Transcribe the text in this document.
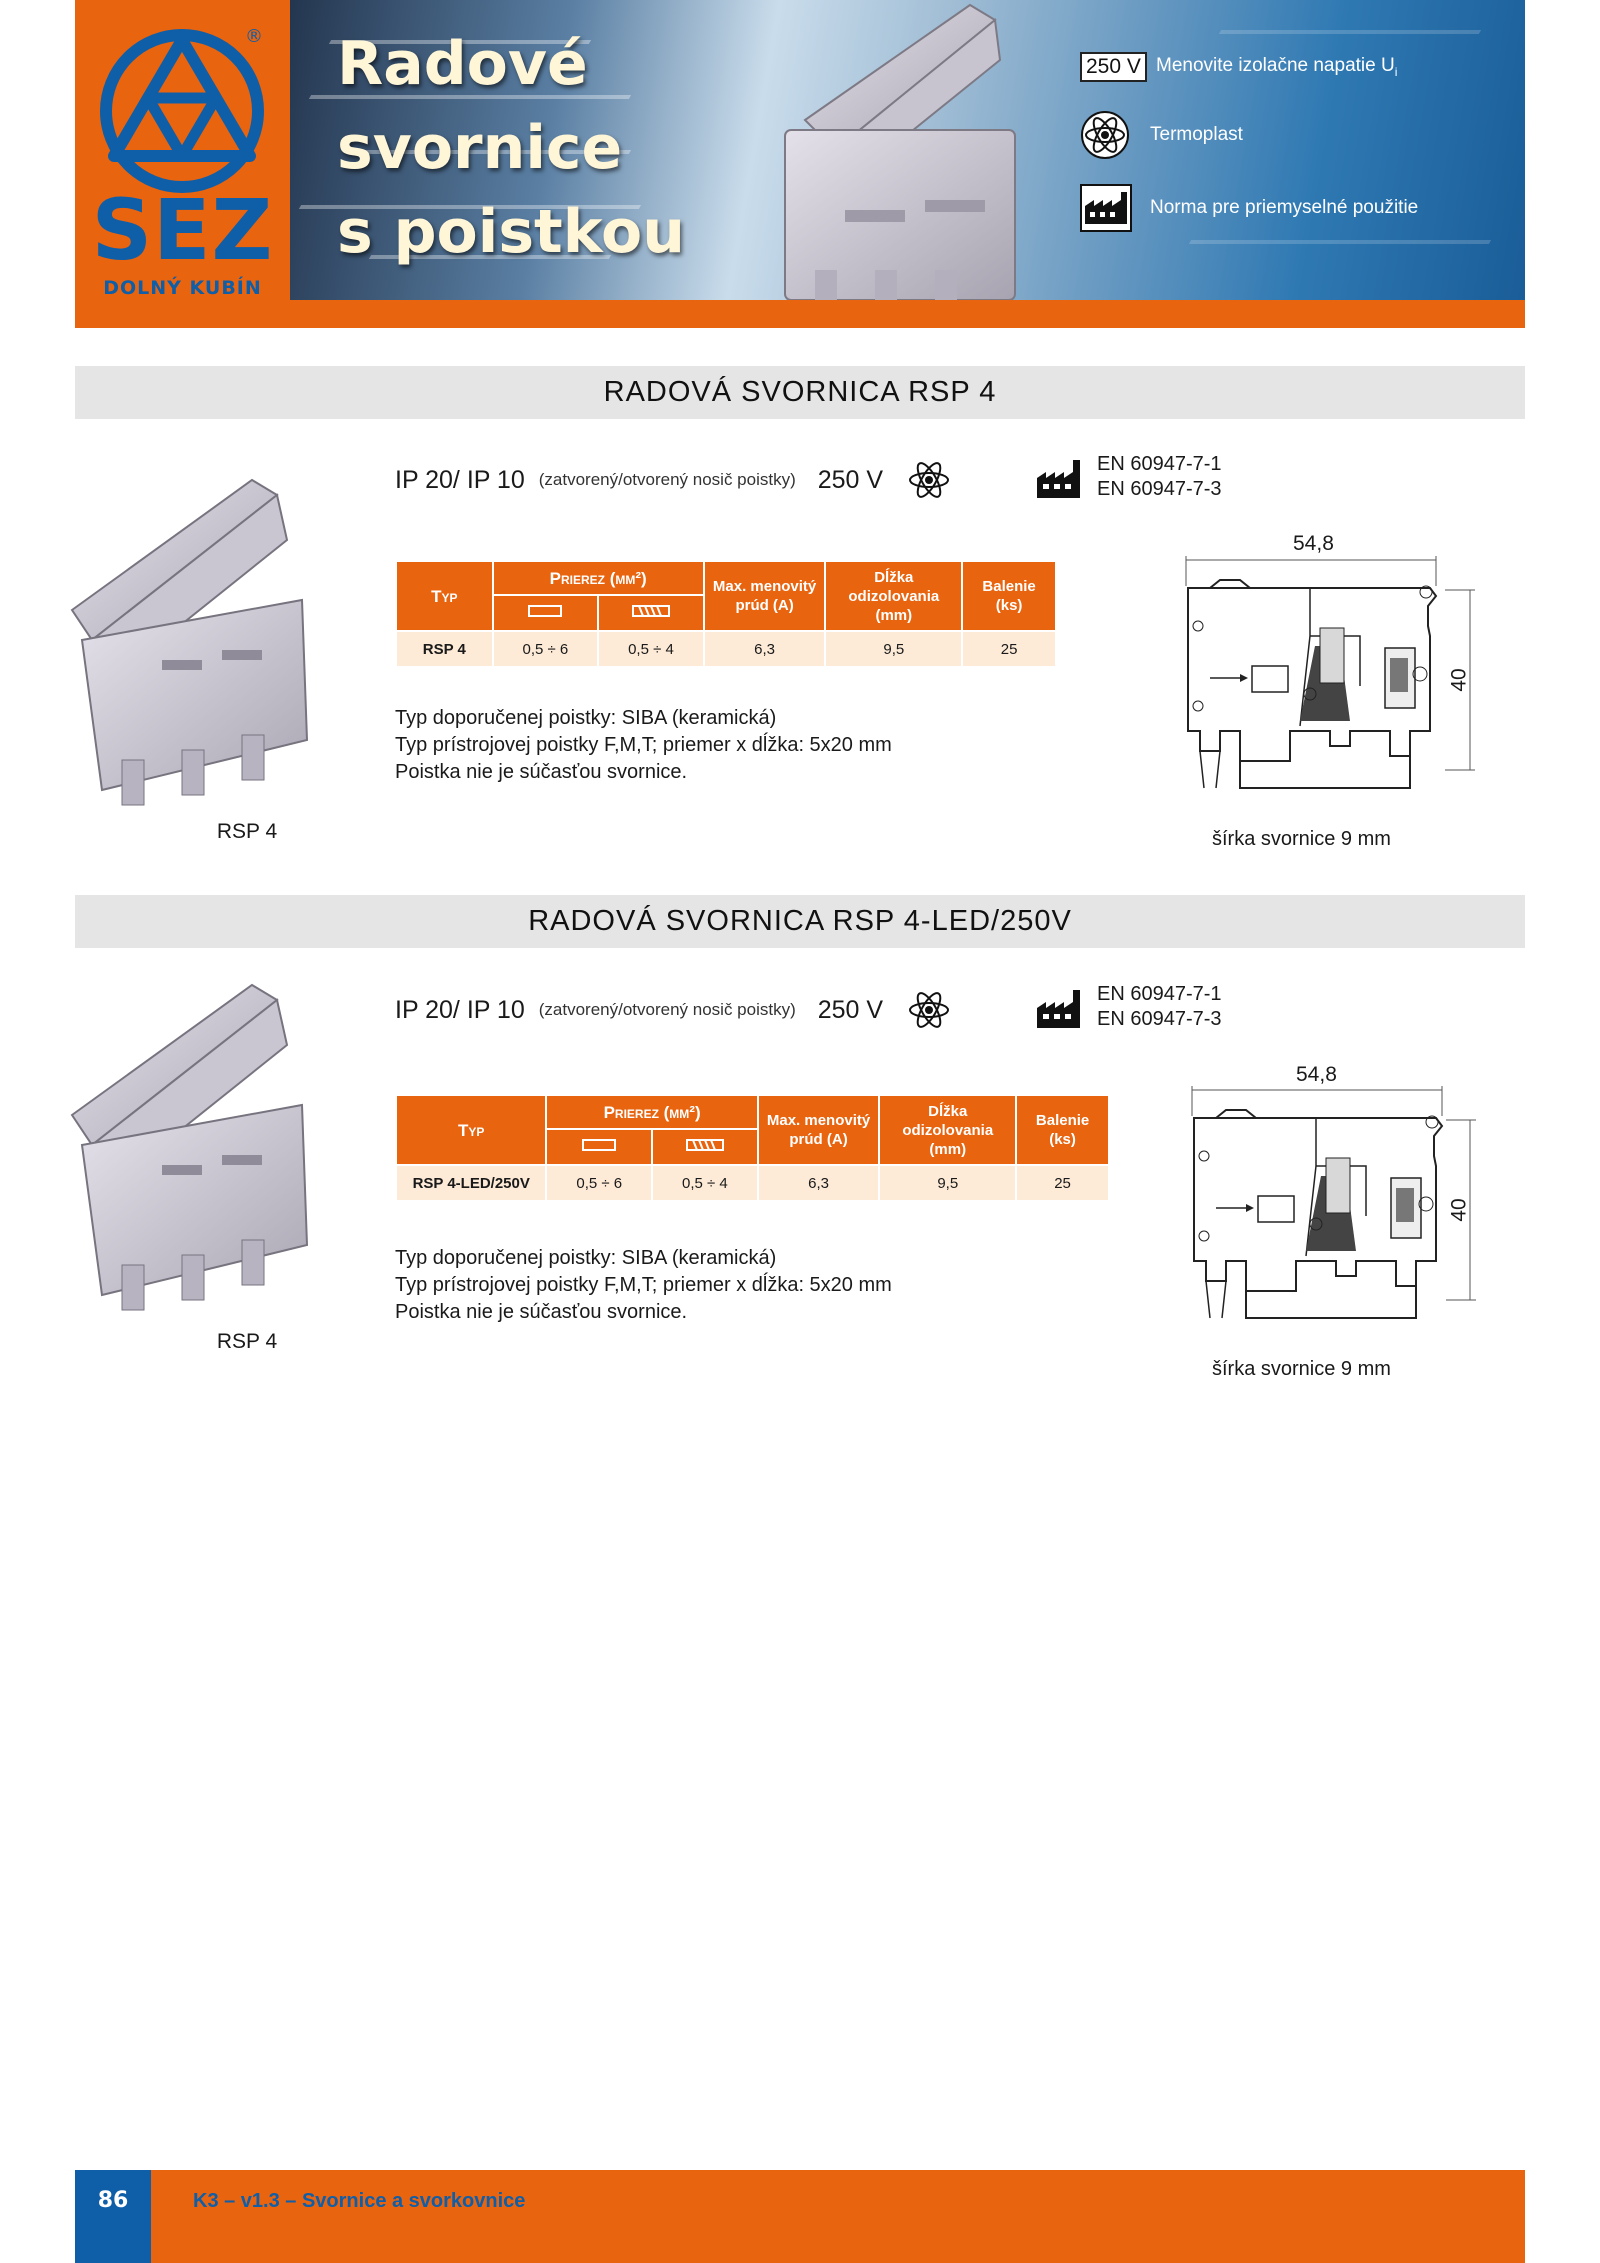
®
SEZ
DOLNÝ KUBÍN
Radové
svornice
s poistkou
250 V Menovite izolačne napatie $U_i$
Termoplast
Norma pre priemyselné použitie
RADOVÁ SVORNICA RSP 4
RSP 4
IP 20/ IP 10 (zatvorený/otvorený nosič poistky) 250 V
EN 60947-7-1
EN 60947-7-3
Typ	Prierez (mm²)		Max. menovitý prúd (A)	Dĺžka odizolovania (mm)	Balenie (ks)

RSP 4	0,5 ÷ 6	0,5 ÷ 4	6,3	9,5	25
Typ doporučenej poistky: SIBA (keramická)
Typ prístrojovej poistky F,M,T; priemer x dĺžka: 5x20 mm
Poistka nie je súčasťou svornice.
54,8
40
šírka svornice 9 mm
RADOVÁ SVORNICA RSP 4-LED/250V
RSP 4
IP 20/ IP 10 (zatvorený/otvorený nosič poistky) 250 V
EN 60947-7-1
EN 60947-7-3
Typ	Prierez (mm²)		Max. menovitý prúd (A)	Dĺžka odizolovania (mm)	Balenie (ks)

RSP 4-LED/250V	0,5 ÷ 6	0,5 ÷ 4	6,3	9,5	25
Typ doporučenej poistky: SIBA (keramická)
Typ prístrojovej poistky F,M,T; priemer x dĺžka: 5x20 mm
Poistka nie je súčasťou svornice.
54,8
40
šírka svornice 9 mm
86	K3 – v1.3 – Svornice a svorkovnice
